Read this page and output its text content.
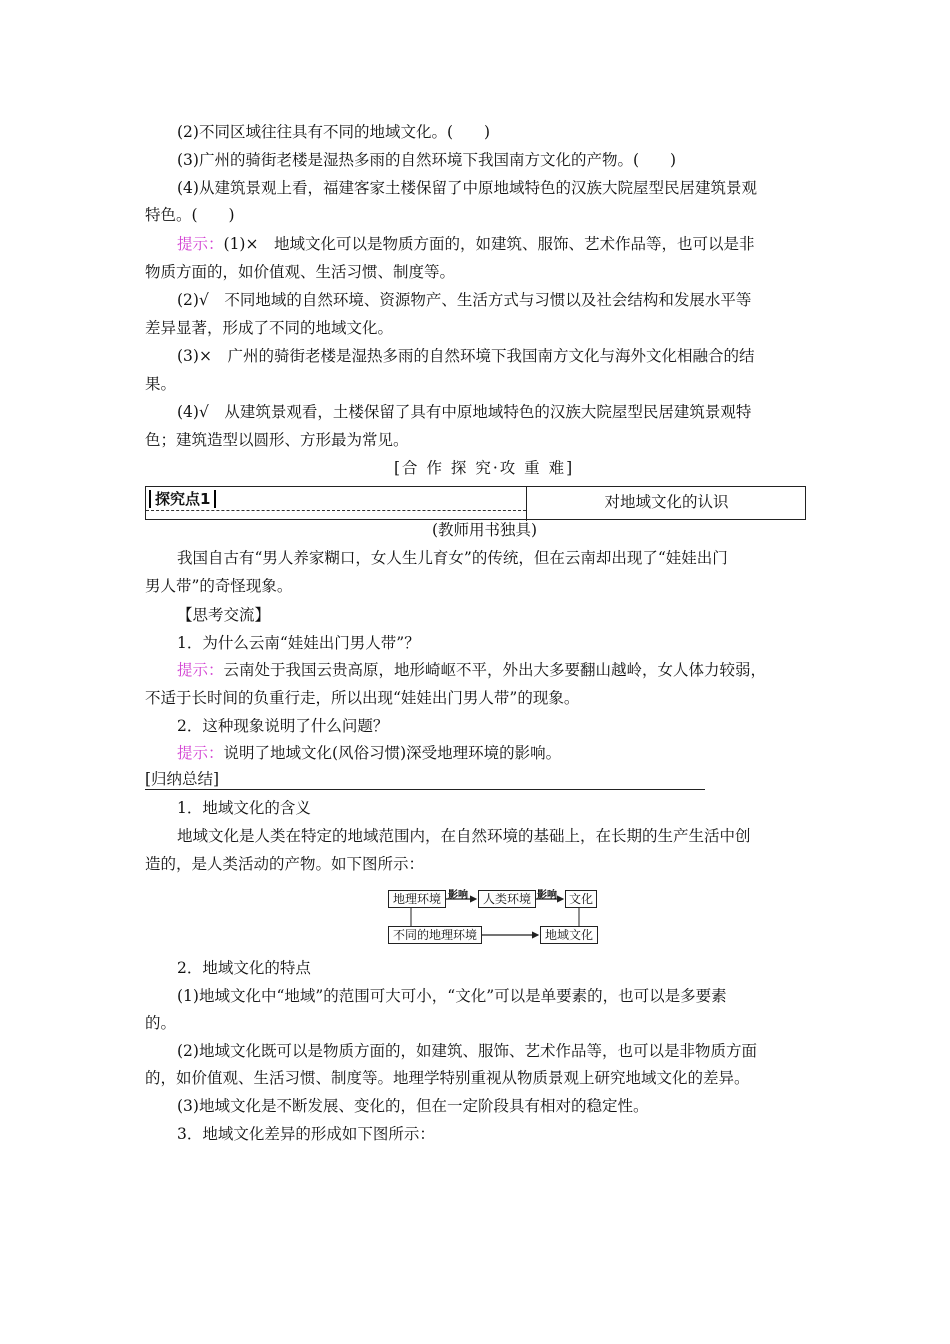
(2)不同区域往往具有不同的地域文化。(　　)
(3)广州的骑街老楼是湿热多雨的自然环境下我国南方文化的产物。(　　)
(4)从建筑景观上看，福建客家土楼保留了中原地域特色的汉族大院屋型民居建筑景观
特色。(　　)
提示：(1)×　地域文化可以是物质方面的，如建筑、服饰、艺术作品等，也可以是非
物质方面的，如价值观、生活习惯、制度等。
(2)√　不同地域的自然环境、资源物产、生活方式与习惯以及社会结构和发展水平等
差异显著，形成了不同的地域文化。
(3)×　广州的骑街老楼是湿热多雨的自然环境下我国南方文化与海外文化相融合的结
果。
(4)√　从建筑景观看，土楼保留了具有中原地域特色的汉族大院屋型民居建筑景观特
色；建筑造型以圆形、方形最为常见。
[合 作 探 究·攻 重 难]
探究点1	对地域文化的认识
(教师用书独具)
我国自古有“男人养家糊口，女人生儿育女”的传统，但在云南却出现了“娃娃出门
男人带”的奇怪现象。
【思考交流】
1．为什么云南“娃娃出门男人带”？
提示：云南处于我国云贵高原，地形崎岖不平，外出大多要翻山越岭，女人体力较弱，
不适于长时间的负重行走，所以出现“娃娃出门男人带”的现象。
2．这种现象说明了什么问题？
提示：说明了地域文化(风俗习惯)深受地理环境的影响。
[归纳总结]
1．地域文化的含义
地域文化是人类在特定的地域范围内，在自然环境的基础上，在长期的生产生活中创
造的，是人类活动的产物。如下图所示：
地理环境 影响	人类环境 影响 文化
不同的地理环境	地域文化
2．地域文化的特点
(1)地域文化中“地域”的范围可大可小，“文化”可以是单要素的，也可以是多要素
的。
(2)地域文化既可以是物质方面的，如建筑、服饰、艺术作品等，也可以是非物质方面
的，如价值观、生活习惯、制度等。地理学特别重视从物质景观上研究地域文化的差异。
(3)地域文化是不断发展、变化的，但在一定阶段具有相对的稳定性。
3．地域文化差异的形成如下图所示：
